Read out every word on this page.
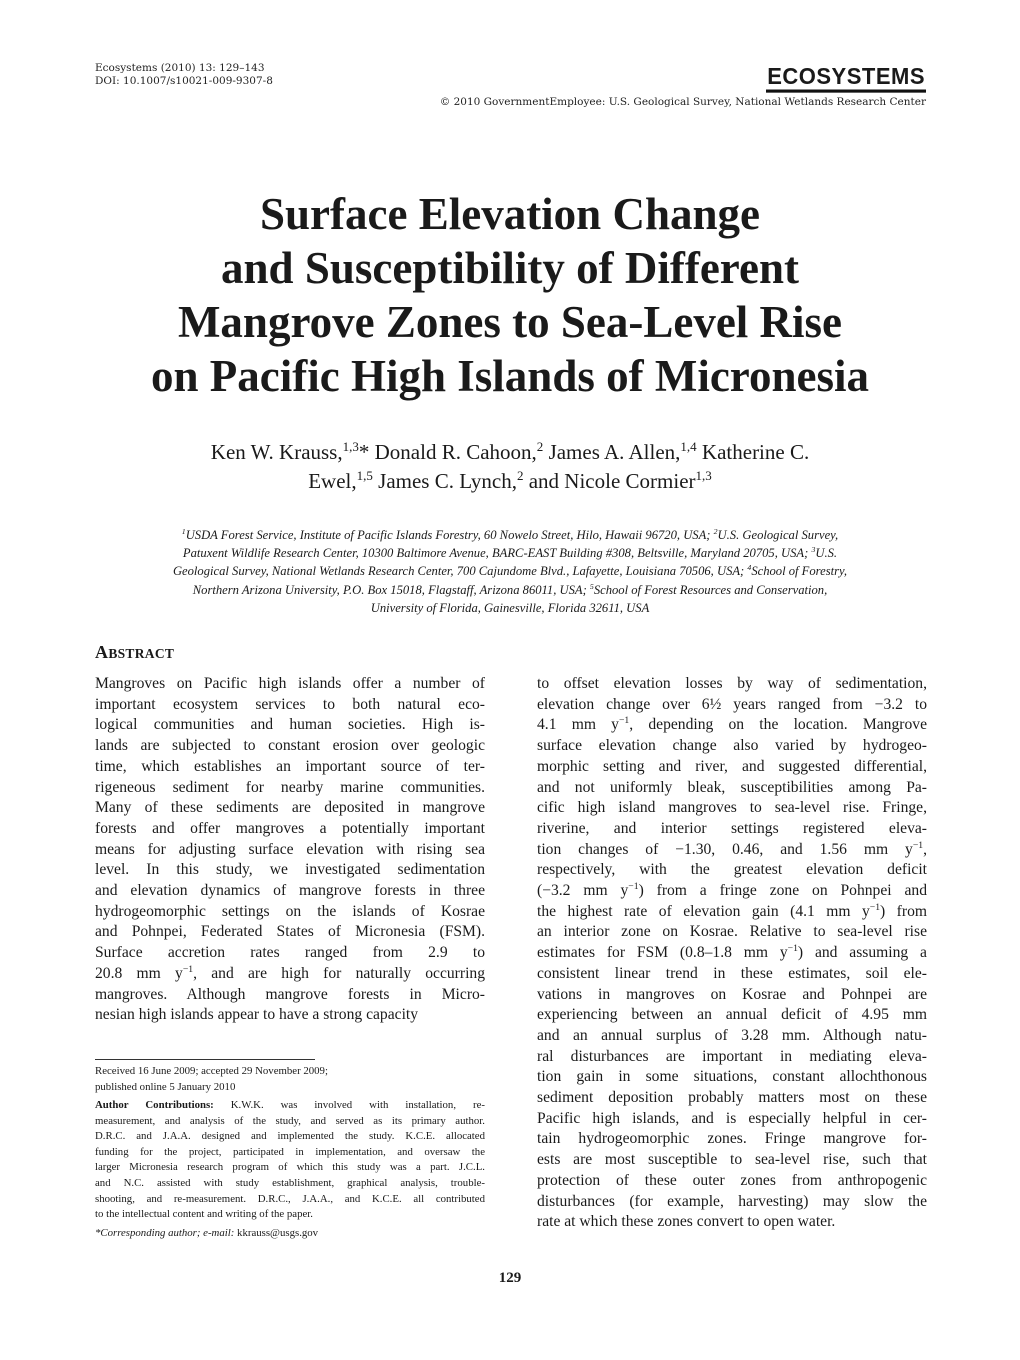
Ecosystems (2010) 13: 129–143
DOI: 10.1007/s10021-009-9307-8	ECOSYSTEMS
© 2010 GovernmentEmployee: U.S. Geological Survey, National Wetlands Research Center
Surface Elevation Change
and Susceptibility of Different
Mangrove Zones to Sea-Level Rise
on Pacific High Islands of Micronesia
Ken W. Krauss,$^{1,3}$* Donald R. Cahoon,$^2$ James A. Allen,$^{1,4}$ Katherine C.
Ewel,$^{1,5}$ James C. Lynch,$^2$ and Nicole Cormier$^{1,3}$
$^1$USDA Forest Service, Institute of Pacific Islands Forestry, 60 Nowelo Street, Hilo, Hawaii 96720, USA; $^2$U.S. Geological Survey,
Patuxent Wildlife Research Center, 10300 Baltimore Avenue, BARC-EAST Building #308, Beltsville, Maryland 20705, USA; $^3$U.S.
Geological Survey, National Wetlands Research Center, 700 Cajundome Blvd., Lafayette, Louisiana 70506, USA; $^4$School of Forestry,
Northern Arizona University, P.O. Box 15018, Flagstaff, Arizona 86011, USA; $^5$School of Forest Resources and Conservation,
University of Florida, Gainesville, Florida 32611, USA
ABSTRACT
Mangroves on Pacific high islands offer a number of
important ecosystem services to both natural eco-
logical communities and human societies. High is-
lands are subjected to constant erosion over geologic
time, which establishes an important source of ter-
rigeneous sediment for nearby marine communities.
Many of these sediments are deposited in mangrove
forests and offer mangroves a potentially important
means for adjusting surface elevation with rising sea
level. In this study, we investigated sedimentation
and elevation dynamics of mangrove forests in three
hydrogeomorphic settings on the islands of Kosrae
and Pohnpei, Federated States of Micronesia (FSM).
Surface accretion rates ranged from 2.9 to
20.8 mm $y^{-1}$, and are high for naturally occurring
mangroves. Although mangrove forests in Micro-
nesian high islands appear to have a strong capacity
to offset elevation losses by way of sedimentation,
elevation change over 6½ years ranged from −3.2 to
4.1 mm $y^{-1}$, depending on the location. Mangrove
surface elevation change also varied by hydrogeo-
morphic setting and river, and suggested differential,
and not uniformly bleak, susceptibilities among Pa-
cific high island mangroves to sea-level rise. Fringe,
riverine, and interior settings registered eleva-
tion changes of −1.30, 0.46, and 1.56 mm $y^{-1}$,
respectively, with the greatest elevation deficit
(−3.2 mm $y^{-1}$) from a fringe zone on Pohnpei and
the highest rate of elevation gain (4.1 mm $y^{-1}$) from
an interior zone on Kosrae. Relative to sea-level rise
estimates for FSM (0.8–1.8 mm $y^{-1}$) and assuming a
consistent linear trend in these estimates, soil ele-
vations in mangroves on Kosrae and Pohnpei are
experiencing between an annual deficit of 4.95 mm
and an annual surplus of 3.28 mm. Although natu-
ral disturbances are important in mediating eleva-
tion gain in some situations, constant allochthonous
sediment deposition probably matters most on these
Pacific high islands, and is especially helpful in cer-
tain hydrogeomorphic zones. Fringe mangrove for-
ests are most susceptible to sea-level rise, such that
protection of these outer zones from anthropogenic
disturbances (for example, harvesting) may slow the
rate at which these zones convert to open water.
Received 16 June 2009; accepted 29 November 2009;
published online 5 January 2010
Author Contributions: K.W.K. was involved with installation, re-
measurement, and analysis of the study, and served as its primary author.
D.R.C. and J.A.A. designed and implemented the study. K.C.E. allocated
funding for the project, participated in implementation, and oversaw the
larger Micronesia research program of which this study was a part. J.C.L.
and N.C. assisted with study establishment, graphical analysis, trouble-
shooting, and re-measurement. D.R.C., J.A.A., and K.C.E. all contributed
to the intellectual content and writing of the paper.
*Corresponding author; e-mail: kkrauss@usgs.gov
129
